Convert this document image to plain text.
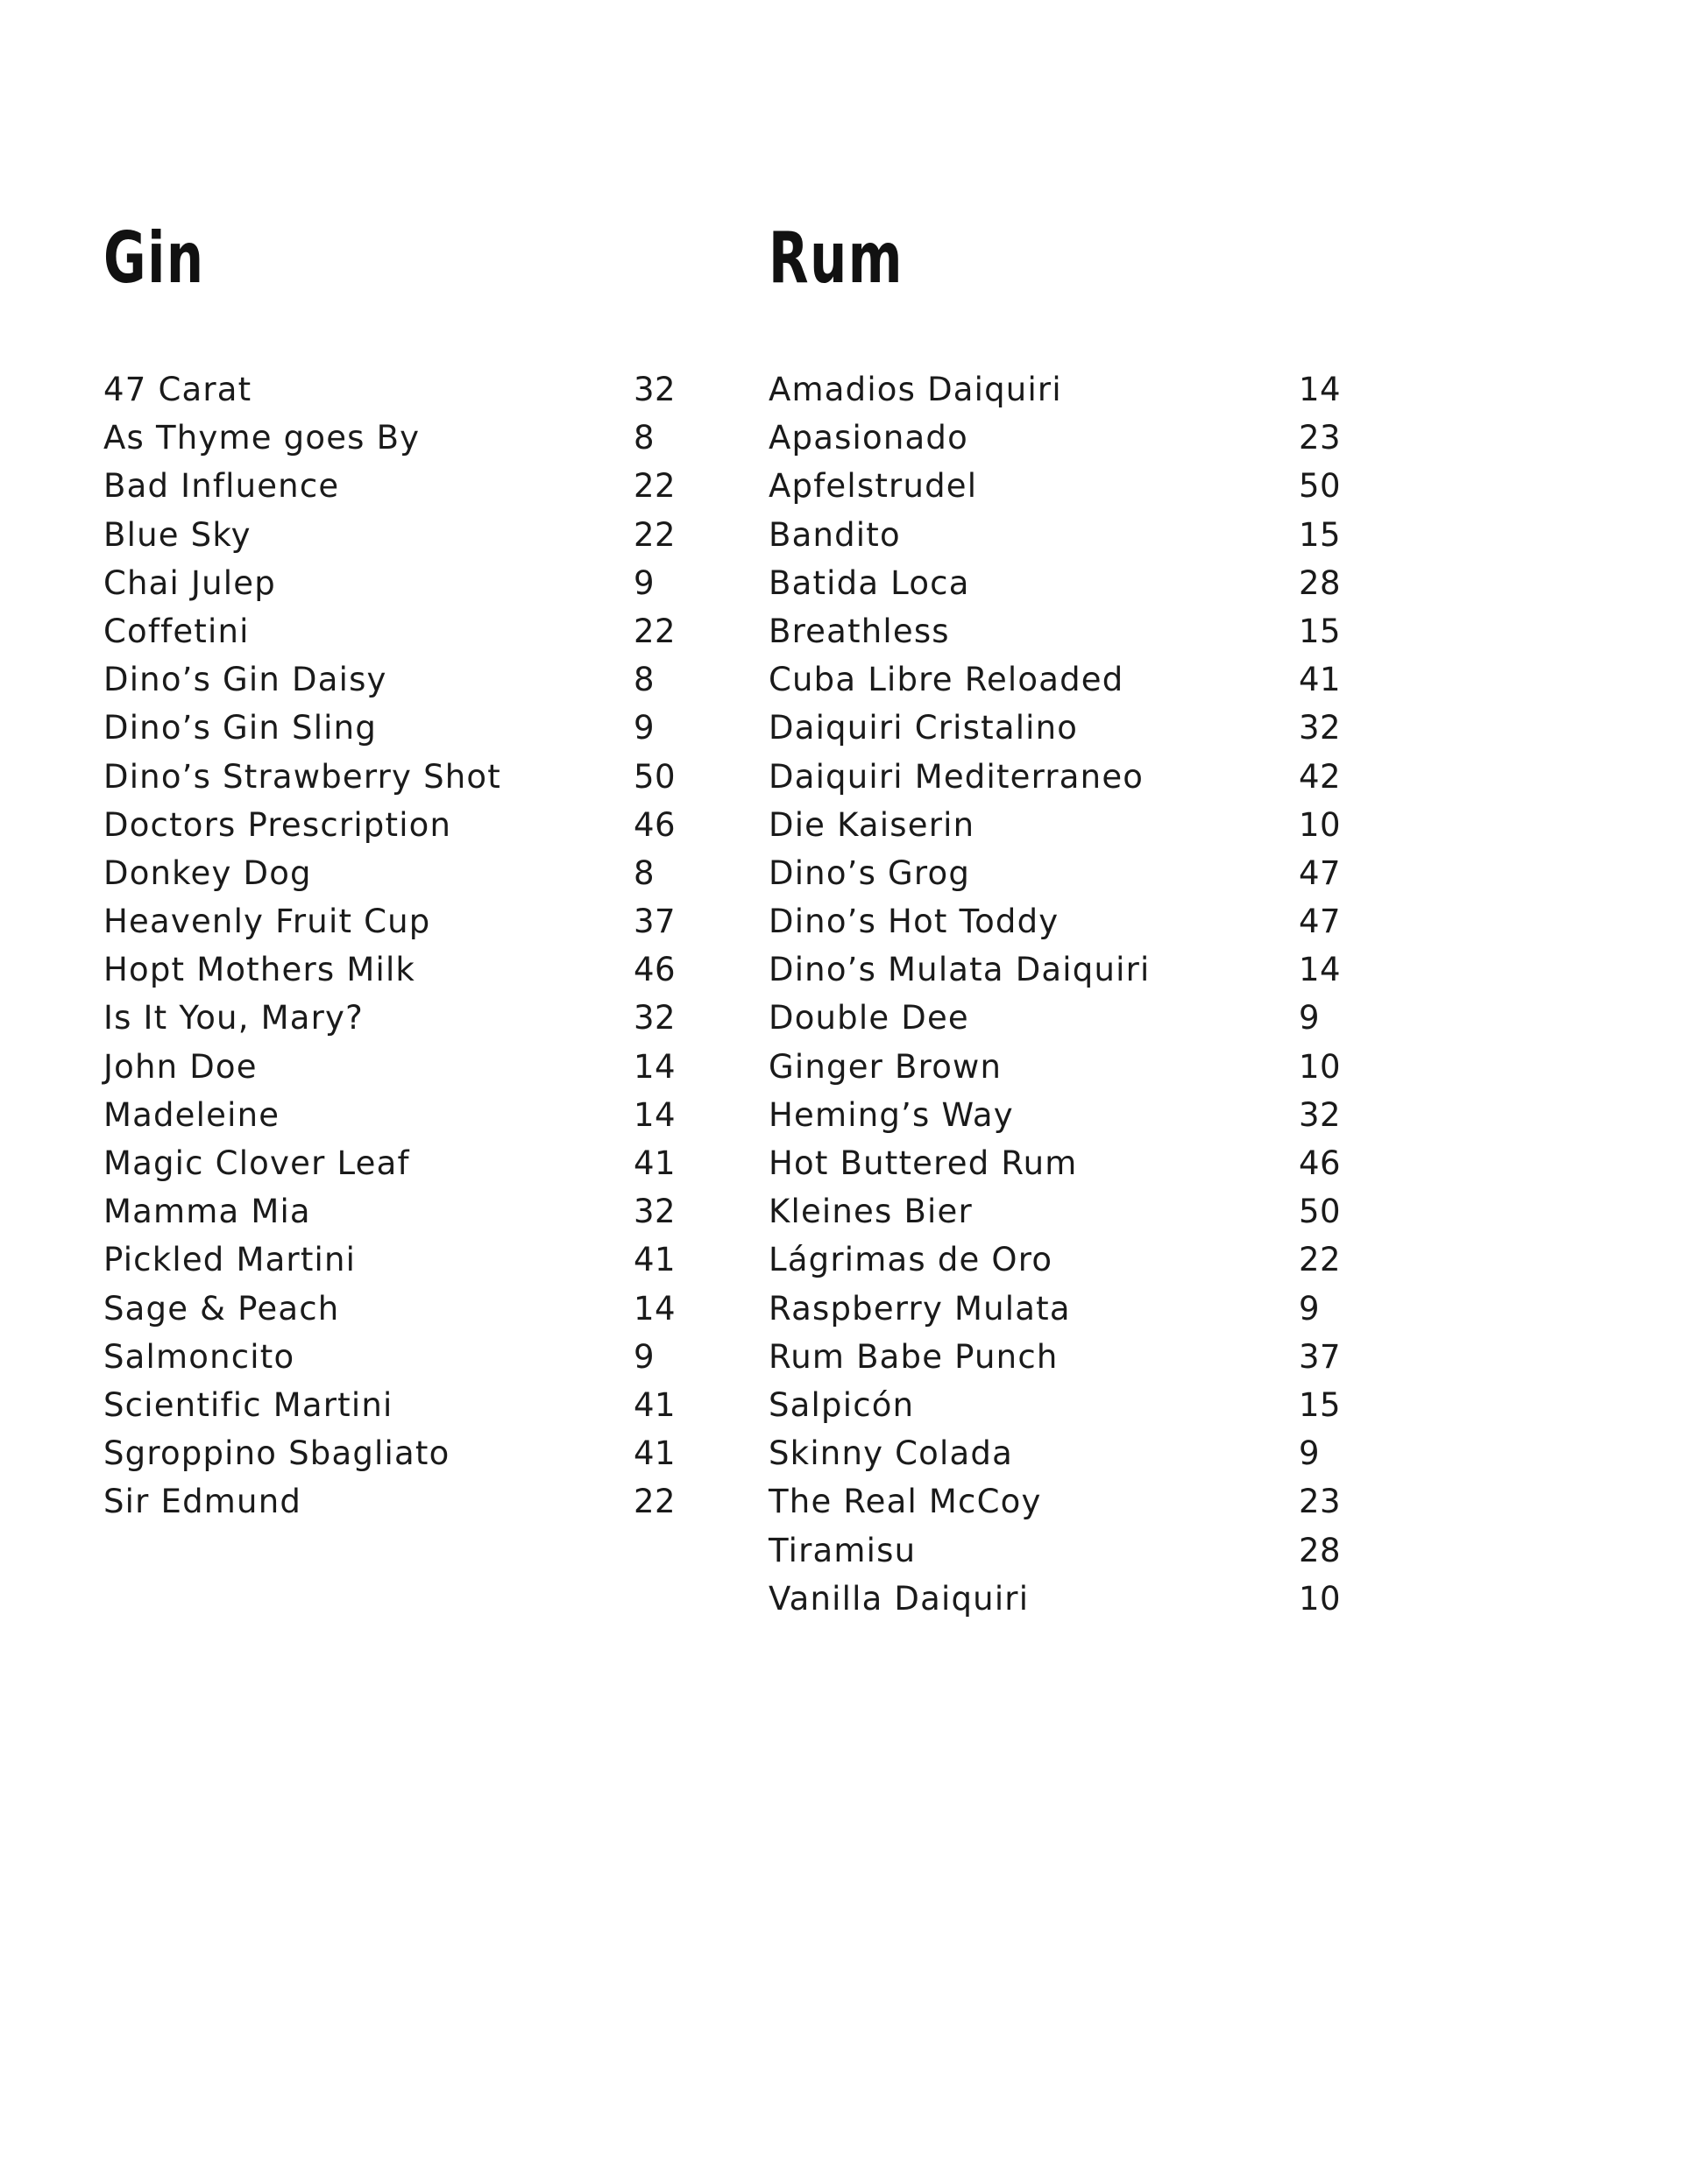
Gin
47 Carat	32
As Thyme goes By	8
Bad Influence	22
Blue Sky	22
Chai Julep	9
Coffetini	22
Dino’s Gin Daisy	8
Dino’s Gin Sling	9
Dino’s Strawberry Shot	50
Doctors Prescription	46
Donkey Dog	8
Heavenly Fruit Cup	37
Hopt Mothers Milk	46
Is It You, Mary?	32
John Doe	14
Madeleine	14
Magic Clover Leaf	41
Mamma Mia	32
Pickled Martini	41
Sage & Peach	14
Salmoncito	9
Scientific Martini	41
Sgroppino Sbagliato	41
Sir Edmund	22
Rum
Amadios Daiquiri	14
Apasionado	23
Apfelstrudel	50
Bandito	15
Batida Loca	28
Breathless	15
Cuba Libre Reloaded	41
Daiquiri Cristalino	32
Daiquiri Mediterraneo	42
Die Kaiserin	10
Dino’s Grog	47
Dino’s Hot Toddy	47
Dino’s Mulata Daiquiri	14
Double Dee	9
Ginger Brown	10
Heming’s Way	32
Hot Buttered Rum	46
Kleines Bier	50
Lágrimas de Oro	22
Raspberry Mulata	9
Rum Babe Punch	37
Salpicón	15
Skinny Colada	9
The Real McCoy	23
Tiramisu	28
Vanilla Daiquiri	10
